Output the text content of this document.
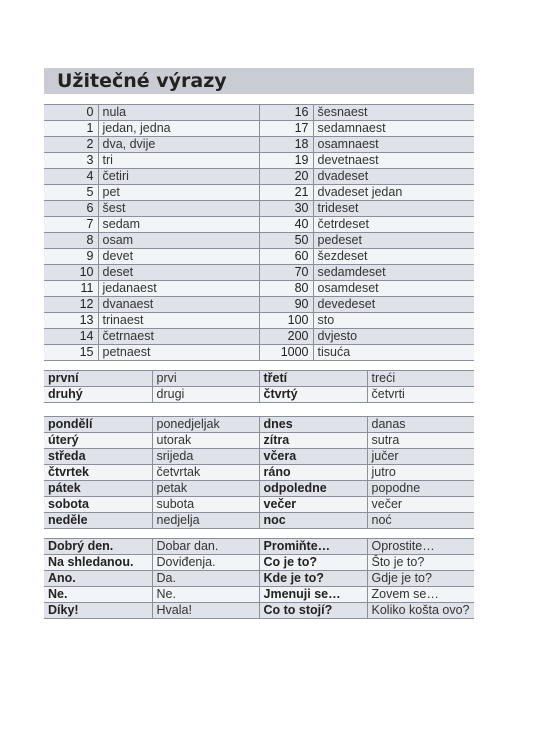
Užitečné výrazy
0	nula	16	šesnaest
1	jedan, jedna	17	sedamnaest
2	dva, dvije	18	osamnaest
3	tri	19	devetnaest
4	četiri	20	dvadeset
5	pet	21	dvadeset jedan
6	šest	30	trideset
7	sedam	40	četrdeset
8	osam	50	pedeset
9	devet	60	šezdeset
10	deset	70	sedamdeset
11	jedanaest	80	osamdeset
12	dvanaest	90	devedeset
13	trinaest	100	sto
14	četrnaest	200	dvjesto
15	petnaest	1000	tisuća
první	prvi	třetí	treći
druhý	drugi	čtvrtý	četvrti
pondělí	ponedjeljak	dnes	danas
úterý	utorak	zítra	sutra
středa	srijeda	včera	jučer
čtvrtek	četvrtak	ráno	jutro
pátek	petak	odpoledne	popodne
sobota	subota	večer	večer
neděle	nedjelja	noc	noć
Dobrý den.	Dobar dan.	Promiňte…	Oprostite…
Na shledanou.	Doviđenja.	Co je to?	Što je to?
Ano.	Da.	Kde je to?	Gdje je to?
Ne.	Ne.	Jmenuji se…	Zovem se…
Díky!	Hvala!	Co to stojí?	Koliko košta ovo?
